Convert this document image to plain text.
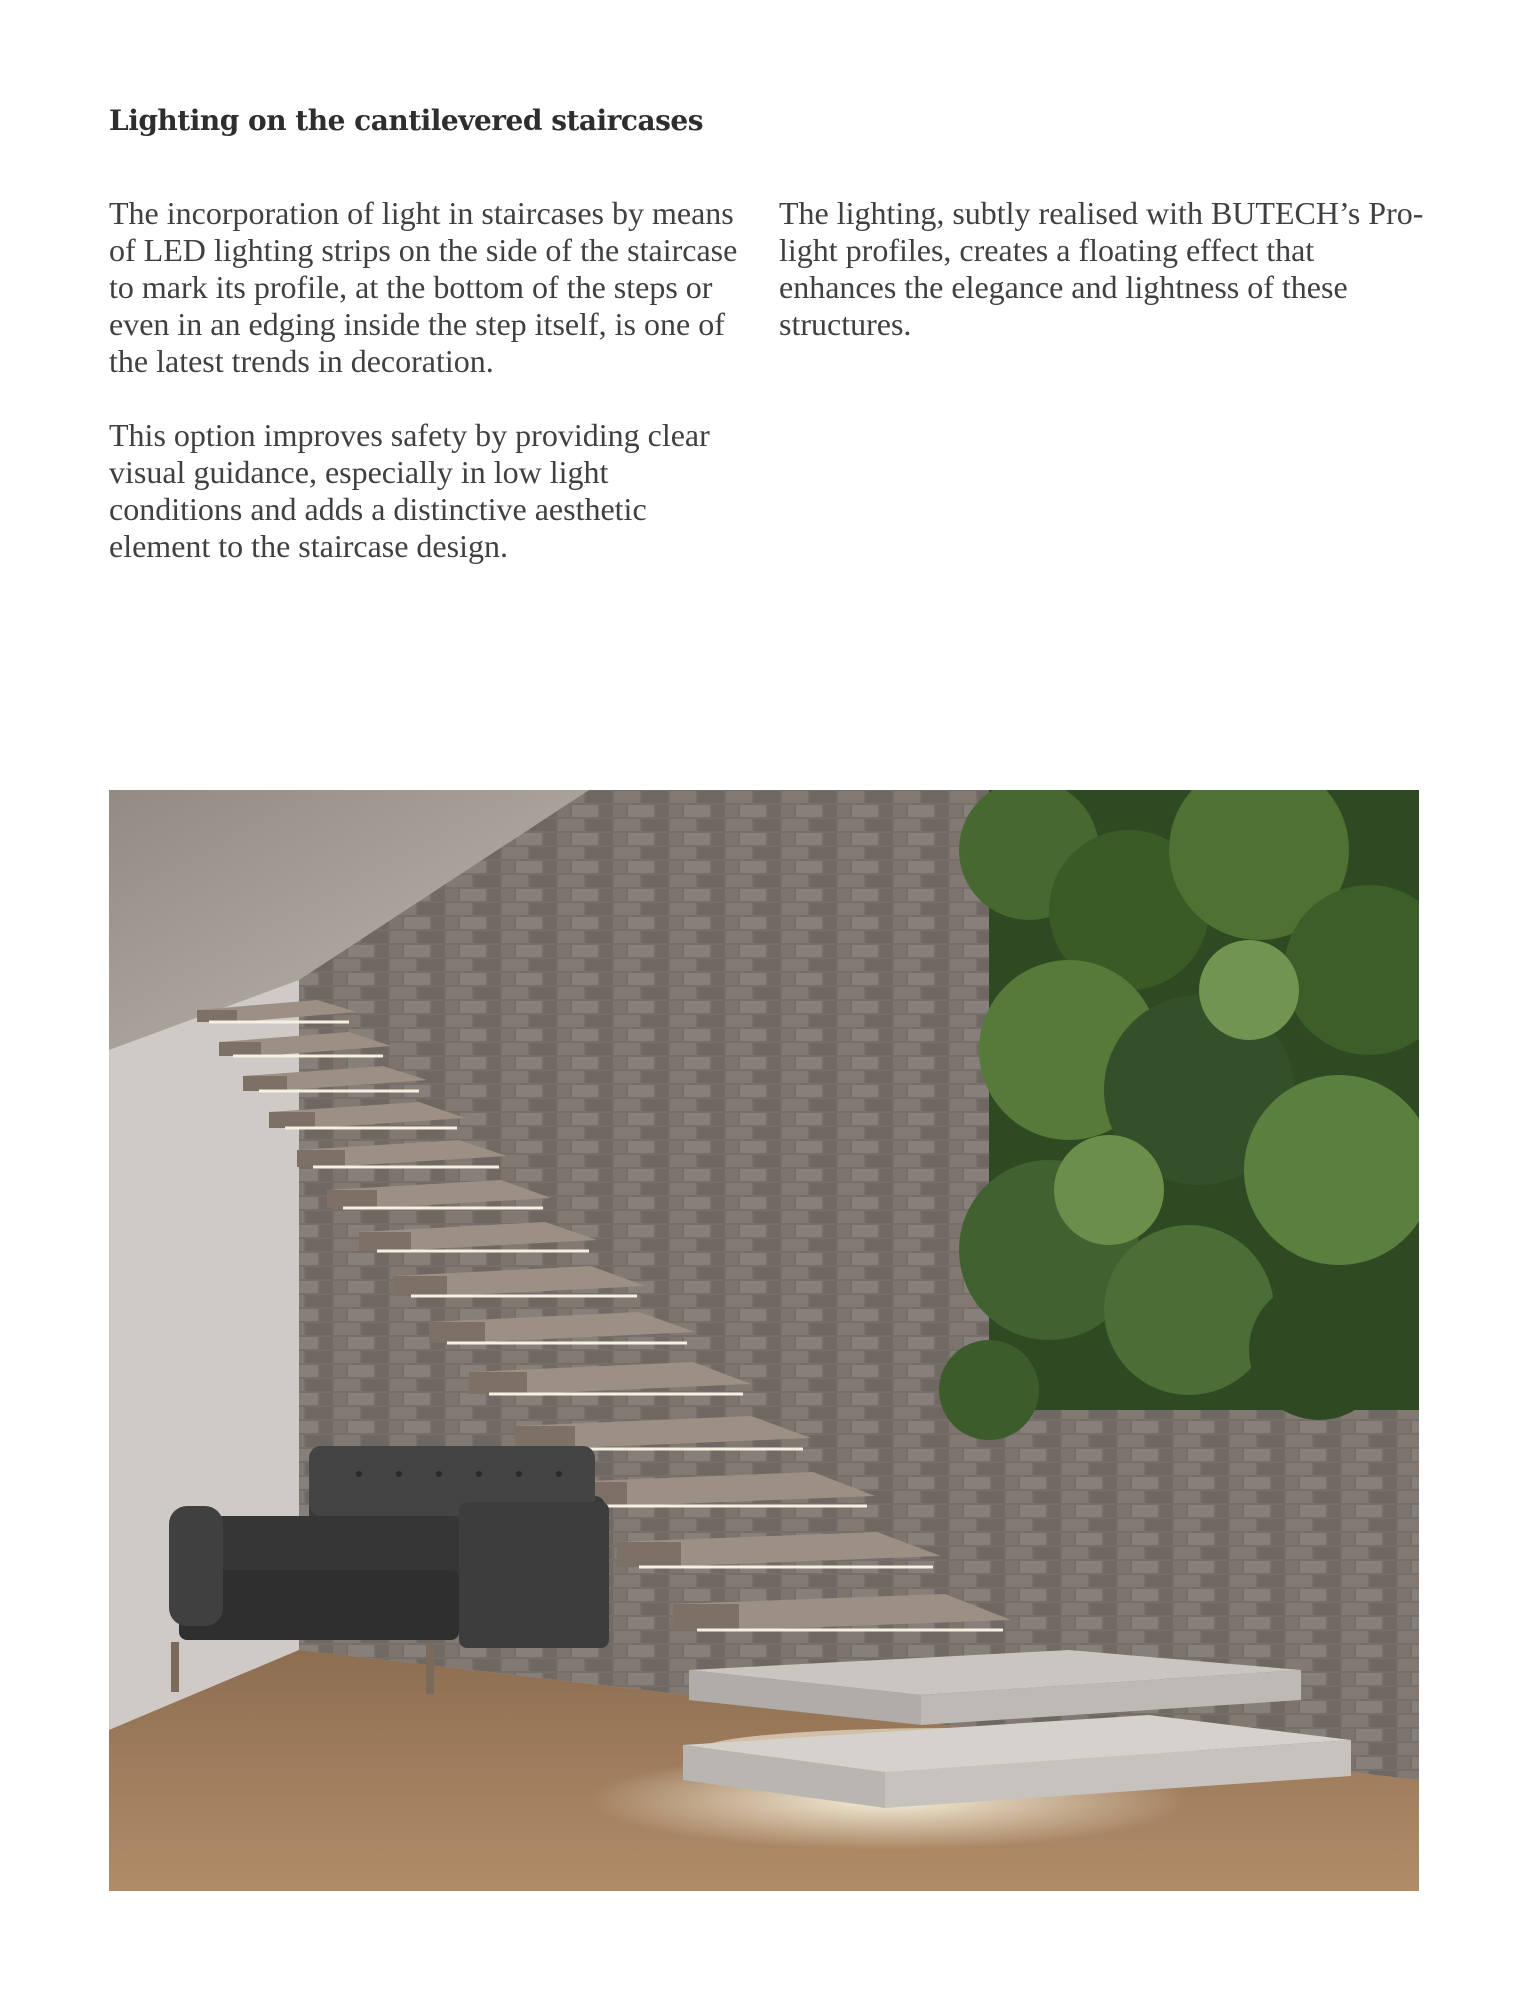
Lighting on the cantilevered staircases

The incorporation of light in staircases by means of LED lighting strips on the side of the staircase to mark its profile, at the bottom of the steps or even in an edging inside the step itself, is one of the latest trends in decoration.

This option improves safety by providing clear visual guidance, especially in low light conditions and adds a distinctive aesthetic element to the staircase design.

The lighting, subtly realised with BUTECH’s Pro-light profiles, creates a floating effect that enhances the elegance and lightness of these structures.
